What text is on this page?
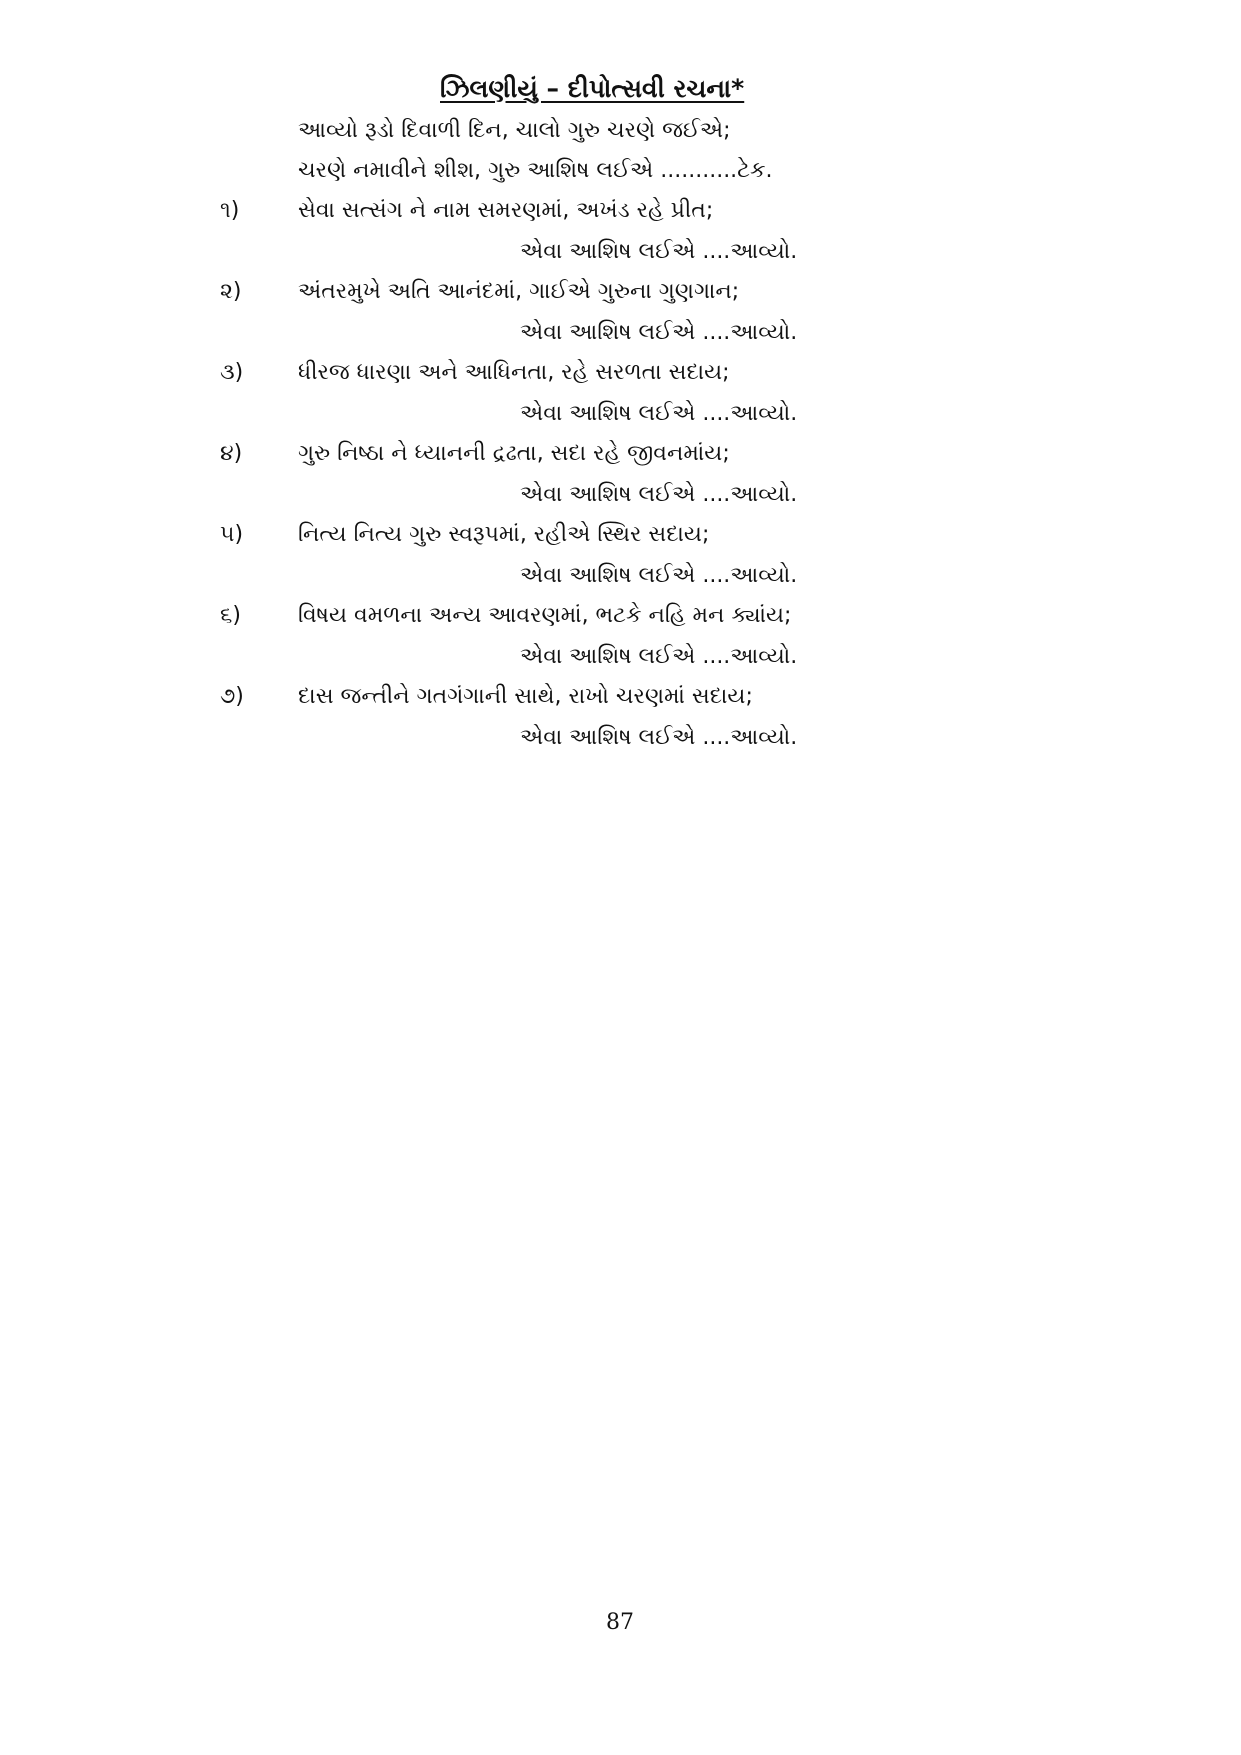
ઝિલણીયું – દીપોત્સવી રચના*
આવ્યો રૂડો દિવાળી દિન, ચાલો ગુરુ ચરણે જઈએ;
ચરણે નમાવીને શીશ, ગુરુ આશિષ લઈએ ...........ટેક.
૧)	સેવા સત્સંગ ને નામ સમરણમાં, અખંડ રહે પ્રીત;
એવા આશિષ લઈએ ....આવ્યો.
૨)	અંતરમુખે અતિ આનંદમાં, ગાઈએ ગુરુના ગુણગાન;
એવા આશિષ લઈએ ....આવ્યો.
૩)	ધીરજ ધારણા અને આધિનતા, રહે સરળતા સદાય;
એવા આશિષ લઈએ ....આવ્યો.
૪)	ગુરુ નિષ્ઠા ને ધ્યાનની દ્રઢતા, સદા રહે જીવનમાંય;
એવા આશિષ લઈએ ....આવ્યો.
૫)	નિત્ય નિત્ય ગુરુ સ્વરૂપમાં, રહીએ સ્થિર સદાય;
એવા આશિષ લઈએ ....આવ્યો.
૬)	વિષય વમળના અન્ય આવરણમાં, ભટકે નહિ મન ક્યાંય;
એવા આશિષ લઈએ ....આવ્યો.
૭)	દાસ જન્તીને ગતગંગાની સાથે, રાખો ચરણમાં સદાય;
એવા આશિષ લઈએ ....આવ્યો.
87
